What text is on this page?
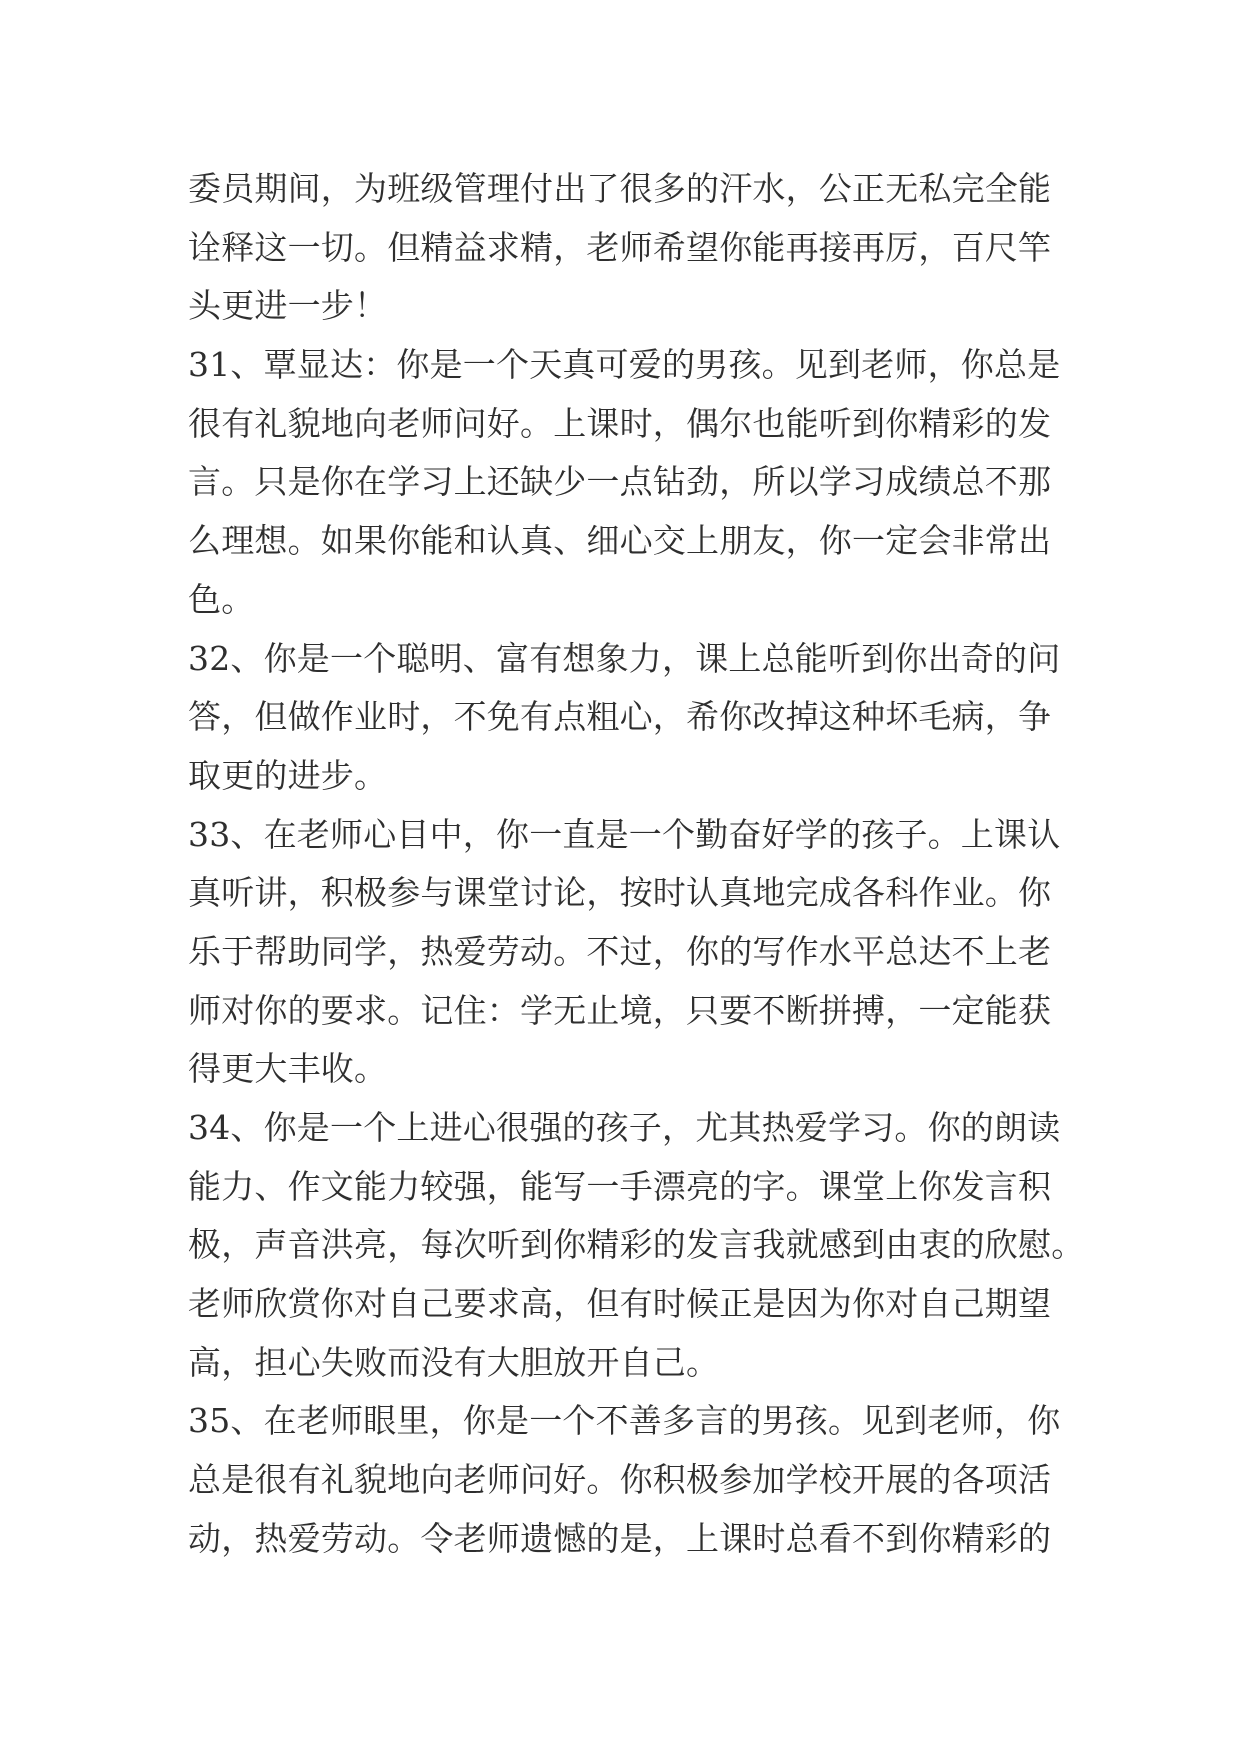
委员期间，为班级管理付出了很多的汗水，公正无私完全能
诠释这一切。但精益求精，老师希望你能再接再厉，百尺竿
头更进一步！
31、覃显达：你是一个天真可爱的男孩。见到老师，你总是
很有礼貌地向老师问好。上课时，偶尔也能听到你精彩的发
言。只是你在学习上还缺少一点钻劲，所以学习成绩总不那
么理想。如果你能和认真、细心交上朋友，你一定会非常出
色。
32、你是一个聪明、富有想象力，课上总能听到你出奇的问
答，但做作业时，不免有点粗心，希你改掉这种坏毛病，争
取更的进步。
33、在老师心目中，你一直是一个勤奋好学的孩子。上课认
真听讲，积极参与课堂讨论，按时认真地完成各科作业。你
乐于帮助同学，热爱劳动。不过，你的写作水平总达不上老
师对你的要求。记住：学无止境，只要不断拼搏，一定能获
得更大丰收。
34、你是一个上进心很强的孩子，尤其热爱学习。你的朗读
能力、作文能力较强，能写一手漂亮的字。课堂上你发言积
极，声音洪亮，每次听到你精彩的发言我就感到由衷的欣慰。
老师欣赏你对自己要求高，但有时候正是因为你对自己期望
高，担心失败而没有大胆放开自己。
35、在老师眼里，你是一个不善多言的男孩。见到老师，你
总是很有礼貌地向老师问好。你积极参加学校开展的各项活
动，热爱劳动。令老师遗憾的是，上课时总看不到你精彩的
